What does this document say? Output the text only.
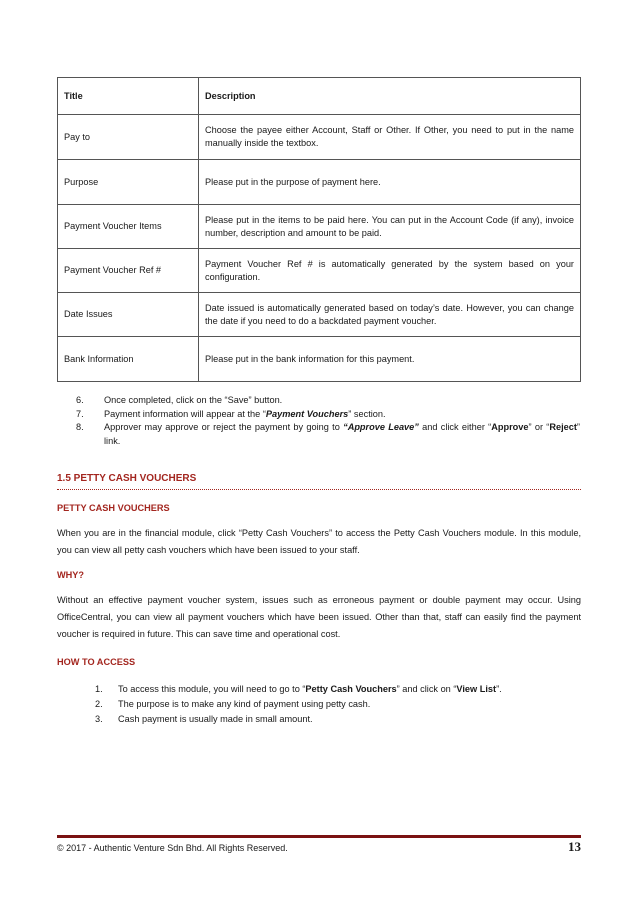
Title	Description
Pay to	Choose the payee either Account, Staff or Other. If Other, you need to put in the name manually inside the textbox.
Purpose	Please put in the purpose of payment here.
Payment Voucher Items	Please put in the items to be paid here. You can put in the Account Code (if any), invoice number, description and amount to be paid.
Payment Voucher Ref #	Payment Voucher Ref # is automatically generated by the system based on your configuration.
Date Issues	Date issued is automatically generated based on today’s date. However, you can change the date if you need to do a backdated payment voucher.
Bank Information	Please put in the bank information for this payment.
6. Once completed, click on the “Save” button.
7. Payment information will appear at the “Payment Vouchers” section.
8. Approver may approve or reject the payment by going to “Approve Leave” and click either “Approve” or “Reject” link.
1.5 PETTY CASH VOUCHERS
PETTY CASH VOUCHERS
When you are in the financial module, click “Petty Cash Vouchers” to access the Petty Cash Vouchers module. In this module, you can view all petty cash vouchers which have been issued to your staff.
WHY?
Without an effective payment voucher system, issues such as erroneous payment or double payment may occur. Using OfficeCentral, you can view all payment vouchers which have been issued. Other than that, staff can easily find the payment voucher is required in future. This can save time and operational cost.
HOW TO ACCESS
1. To access this module, you will need to go to “Petty Cash Vouchers” and click on “View List”.
2. The purpose is to make any kind of payment using petty cash.
3. Cash payment is usually made in small amount.
© 2017 - Authentic Venture Sdn Bhd. All Rights Reserved.	13
